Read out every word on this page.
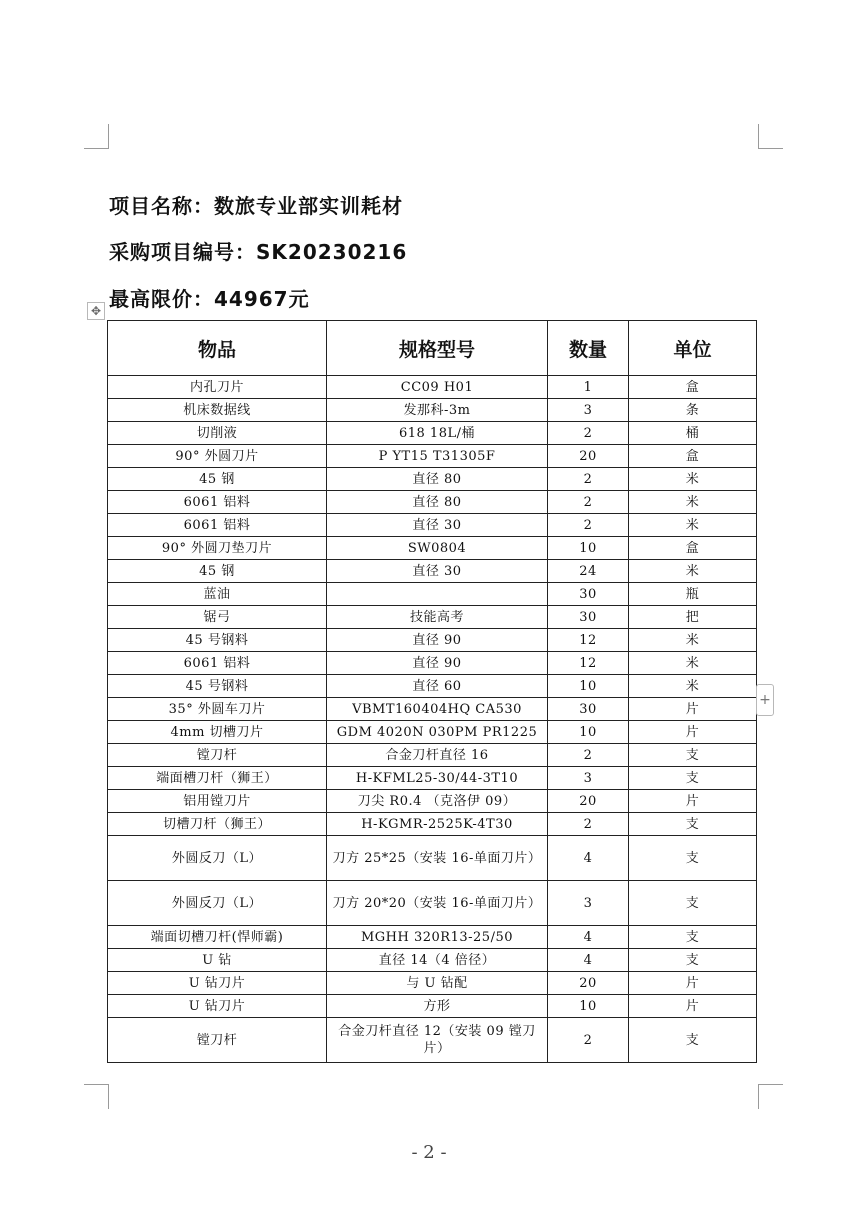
项目名称：数旅专业部实训耗材
采购项目编号：SK20230216
最高限价：44967元
✥
物品	规格型号	数量	单位
内孔刀片	CC09 H01	1	盒
机床数据线	发那科-3m	3	条
切削液	618 18L/桶	2	桶
90° 外圆刀片	P YT15 T31305F	20	盒
45 钢	直径 80	2	米
6061 铝料	直径 80	2	米
6061 铝料	直径 30	2	米
90° 外圆刀垫刀片	SW0804	10	盒
45 钢	直径 30	24	米
蓝油		30	瓶
锯弓	技能高考	30	把
45 号钢料	直径 90	12	米
6061 铝料	直径 90	12	米
45 号钢料	直径 60	10	米
35° 外圆车刀片	VBMT160404HQ CA530	30	片
4mm 切槽刀片	GDM 4020N 030PM PR1225	10	片
镗刀杆	合金刀杆直径 16	2	支
端面槽刀杆（狮王）	H-KFML25-30/44-3T10	3	支
铝用镗刀片	刀尖 R0.4 （克洛伊 09）	20	片
切槽刀杆（狮王）	H-KGMR-2525K-4T30	2	支
外圆反刀（L）	刀方 25*25（安装 16-单面刀片）	4	支
外圆反刀（L）	刀方 20*20（安装 16-单面刀片）	3	支
端面切槽刀杆(悍师霸)	MGHH 320R13-25/50	4	支
U 钻	直径 14（4 倍径）	4	支
U 钻刀片	与 U 钻配	20	片
U 钻刀片	方形	10	片
镗刀杆	合金刀杆直径 12（安装 09 镗刀片）	2	支
+
- 2 -
